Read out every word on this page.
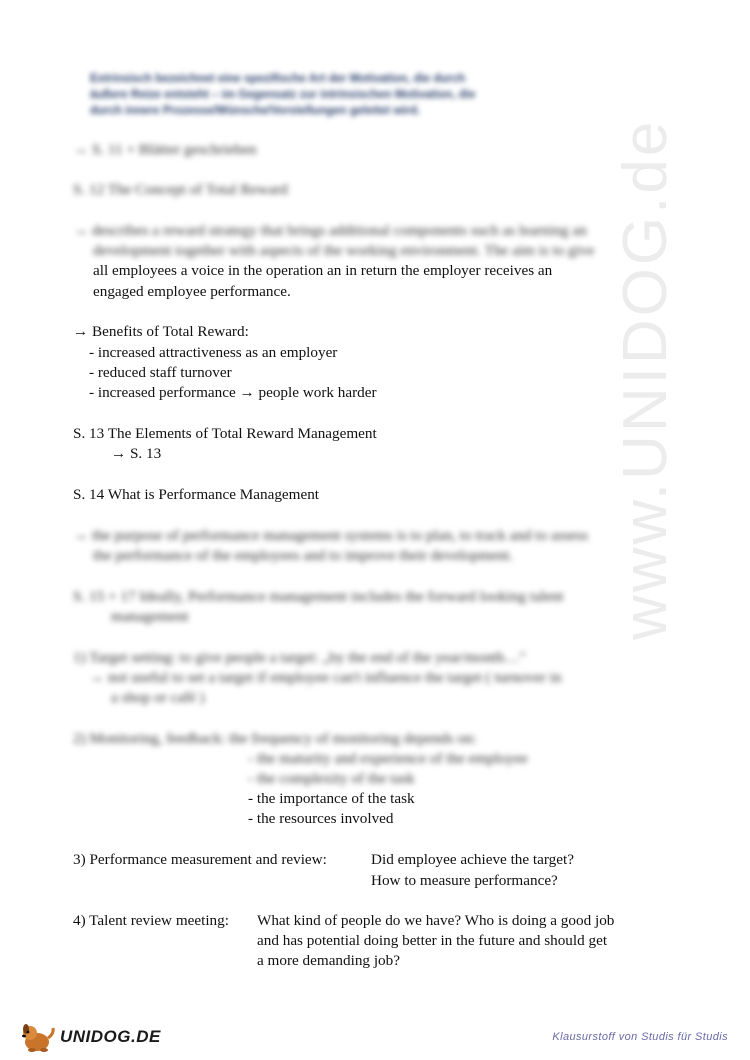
www.UNIDOG.de
Extrinsisch bezeichnet eine spezifische Art der Motivation, die durch
äußere Reize entsteht – im Gegensatz zur intrinsischen Motivation, die
durch innere Prozesse/Wünsche/Vorstellungen geleitet wird.
→ S. 11 + Blätter geschrieben
S. 12 The Concept of Total Reward
→ describes a reward strategy that brings additional components such as learning an
development together with aspects of the working environment. The aim is to give
all employees a voice in the operation an in return the employer receives an
engaged employee performance.
→ Benefits of Total Reward:
- increased attractiveness as an employer
- reduced staff turnover
- increased performance → people work harder
S. 13 The Elements of Total Reward Management
→ S. 13
S. 14 What is Performance Management
→ the purpose of performance management systems is to plan, to track and to assess
the performance of the employees and to improve their development.
S. 15 + 17 Ideally, Performance management includes the forward looking talent
management
1) Target setting: to give people a target: „by the end of the year/month…"
→ not useful to set a target if employee can't influence the target ( turnover in
a shop or café )
2) Monitoring, feedback: the frequency of monitoring depends on:
- the maturity and experience of the employee
- the complexity of the task
- the importance of the task
- the resources involved
3) Performance measurement and review:	Did employee achieve the target?
How to measure performance?
4) Talent review meeting: What kind of people do we have? Who is doing a good job
and has potential doing better in the future and should get
a more demanding job?
UNIDOG.DE	Klausurstoff von Studis für Studis
